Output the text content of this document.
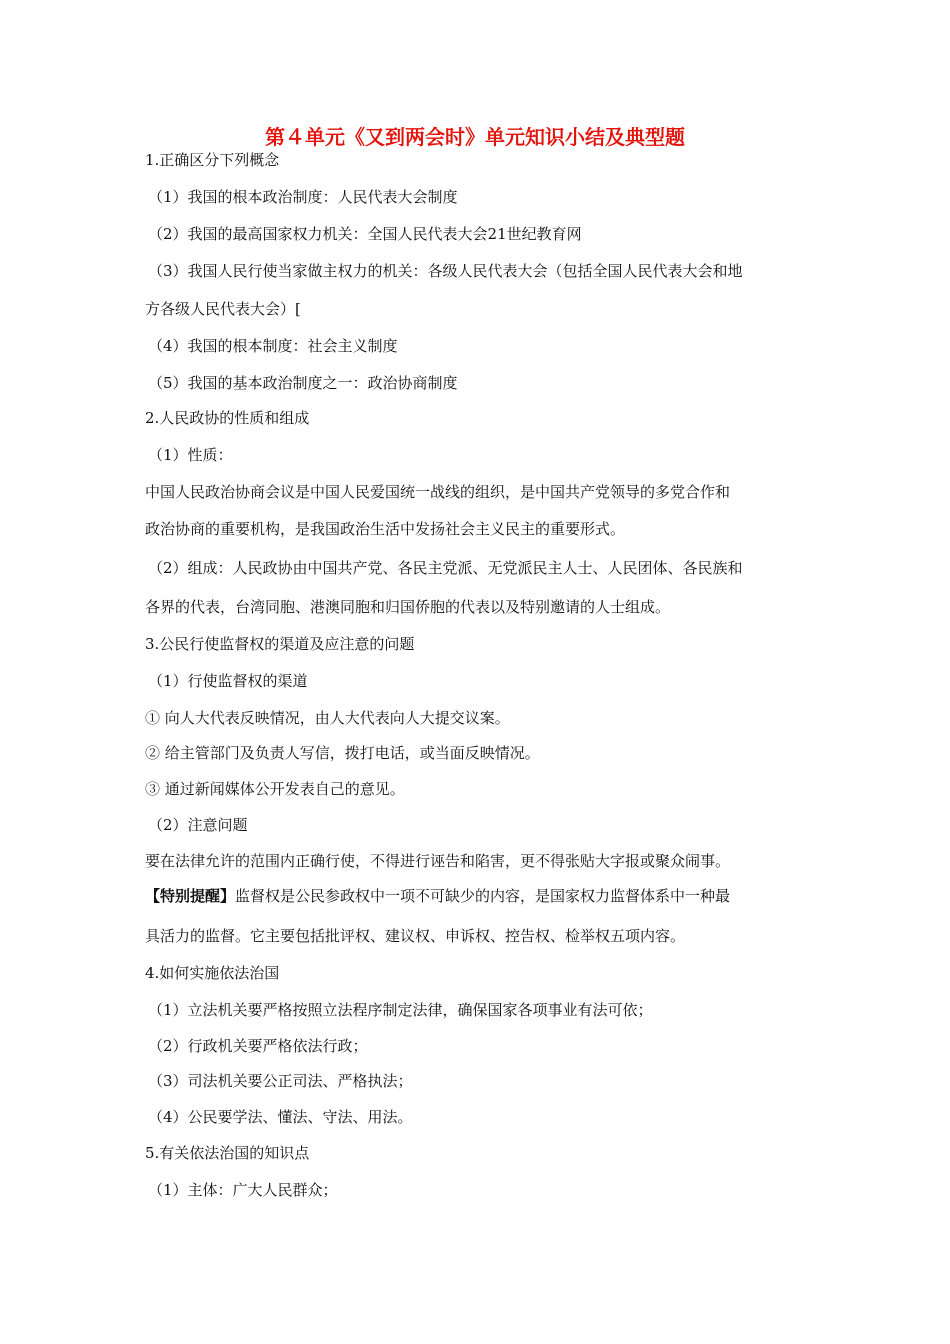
第４单元《又到两会时》单元知识小结及典型题
1.正确区分下列概念
（1）我国的根本政治制度：人民代表大会制度
（2）我国的最高国家权力机关：全国人民代表大会21世纪教育网
（3）我国人民行使当家做主权力的机关：各级人民代表大会（包括全国人民代表大会和地
方各级人民代表大会）[
（4）我国的根本制度：社会主义制度
（5）我国的基本政治制度之一：政治协商制度
2.人民政协的性质和组成
（1）性质：
中国人民政治协商会议是中国人民爱国统一战线的组织，是中国共产党领导的多党合作和
政治协商的重要机构，是我国政治生活中发扬社会主义民主的重要形式。
（2）组成：人民政协由中国共产党、各民主党派、无党派民主人士、人民团体、各民族和
各界的代表，台湾同胞、港澳同胞和归国侨胞的代表以及特别邀请的人士组成。
3.公民行使监督权的渠道及应注意的问题
（1）行使监督权的渠道
① 向人大代表反映情况，由人大代表向人大提交议案。
② 给主管部门及负责人写信，拨打电话，或当面反映情况。
③ 通过新闻媒体公开发表自己的意见。
（2）注意问题
要在法律允许的范围内正确行使，不得进行诬告和陷害，更不得张贴大字报或聚众闹事。
【特别提醒】监督权是公民参政权中一项不可缺少的内容，是国家权力监督体系中一种最
具活力的监督。它主要包括批评权、建议权、申诉权、控告权、检举权五项内容。
4.如何实施依法治国
（1）立法机关要严格按照立法程序制定法律，确保国家各项事业有法可依；
（2）行政机关要严格依法行政；
（3）司法机关要公正司法、严格执法；
（4）公民要学法、懂法、守法、用法。
5.有关依法治国的知识点
（1）主体：广大人民群众；
